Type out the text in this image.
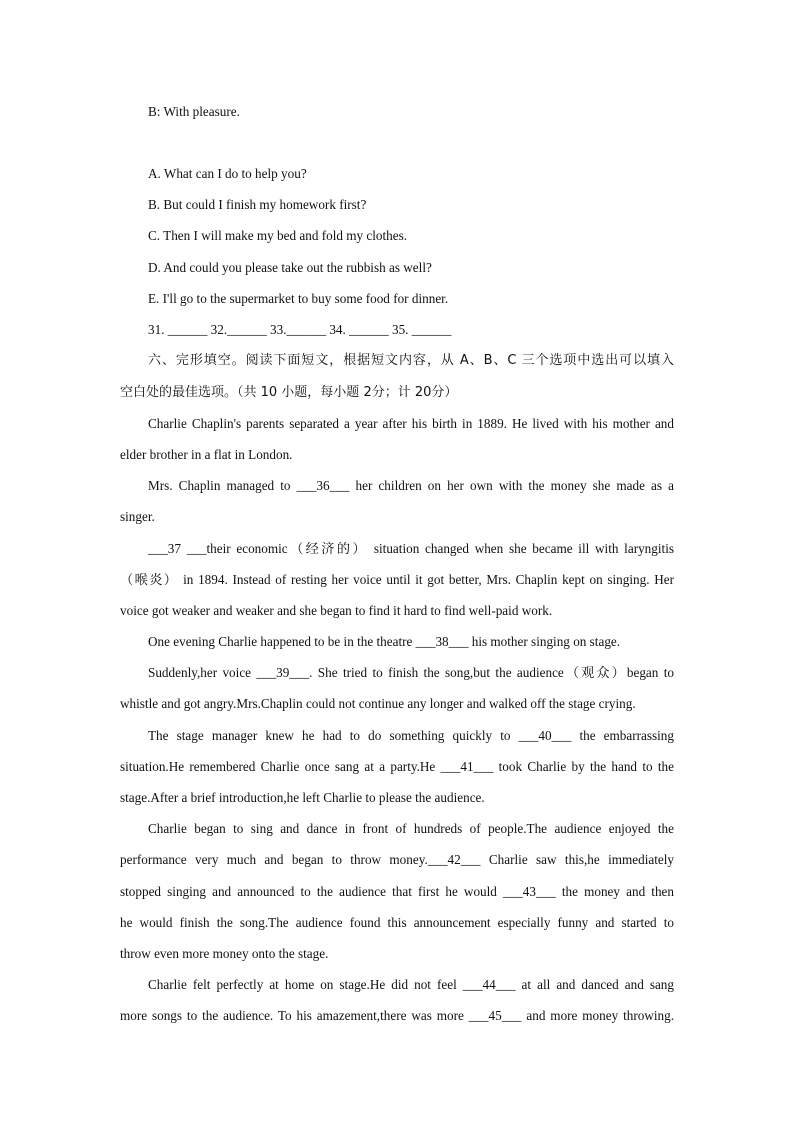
B: With pleasure.

A. What can I do to help you?

B. But could I finish my homework first?

C. Then I will make my bed and fold my clothes.

D. And could you please take out the rubbish as well?

E. I'll go to the supermarket to buy some food for dinner.

31. ______ 32.______ 33.______ 34. ______ 35. ______

六、完形填空。阅读下面短文，根据短文内容，从 A、B、C 三个选项中选出可以填入

空白处的最佳选项。（共 10 小题，每小题 2分；计 20分）

Charlie Chaplin's parents separated a year after his birth in 1889. He lived with his mother and

elder brother in a flat in London.

Mrs. Chaplin managed to ___36___ her children on her own with the money she made as a

singer.

___37 ___their economic（经济的） situation changed when she became ill with laryngitis

（喉炎） in 1894. Instead of resting her voice until it got better, Mrs. Chaplin kept on singing. Her

voice got weaker and weaker and she began to find it hard to find well-paid work.

One evening Charlie happened to be in the theatre ___38___ his mother singing on stage.

Suddenly,her voice ___39___. She tried to finish the song,but the audience（观众）began to

whistle and got angry.Mrs.Chaplin could not continue any longer and walked off the stage crying.

The stage manager knew he had to do something quickly to ___40___ the embarrassing

situation.He remembered Charlie once sang at a party.He ___41___ took Charlie by the hand to the

stage.After a brief introduction,he left Charlie to please the audience.

Charlie began to sing and dance in front of hundreds of people.The audience enjoyed the

performance very much and began to throw money.___42___ Charlie saw this,he immediately

stopped singing and announced to the audience that first he would ___43___ the money and then

he would finish the song.The audience found this announcement especially funny and started to

throw even more money onto the stage.

Charlie felt perfectly at home on stage.He did not feel ___44___ at all and danced and sang

more songs to the audience. To his amazement,there was more ___45___ and more money throwing.
